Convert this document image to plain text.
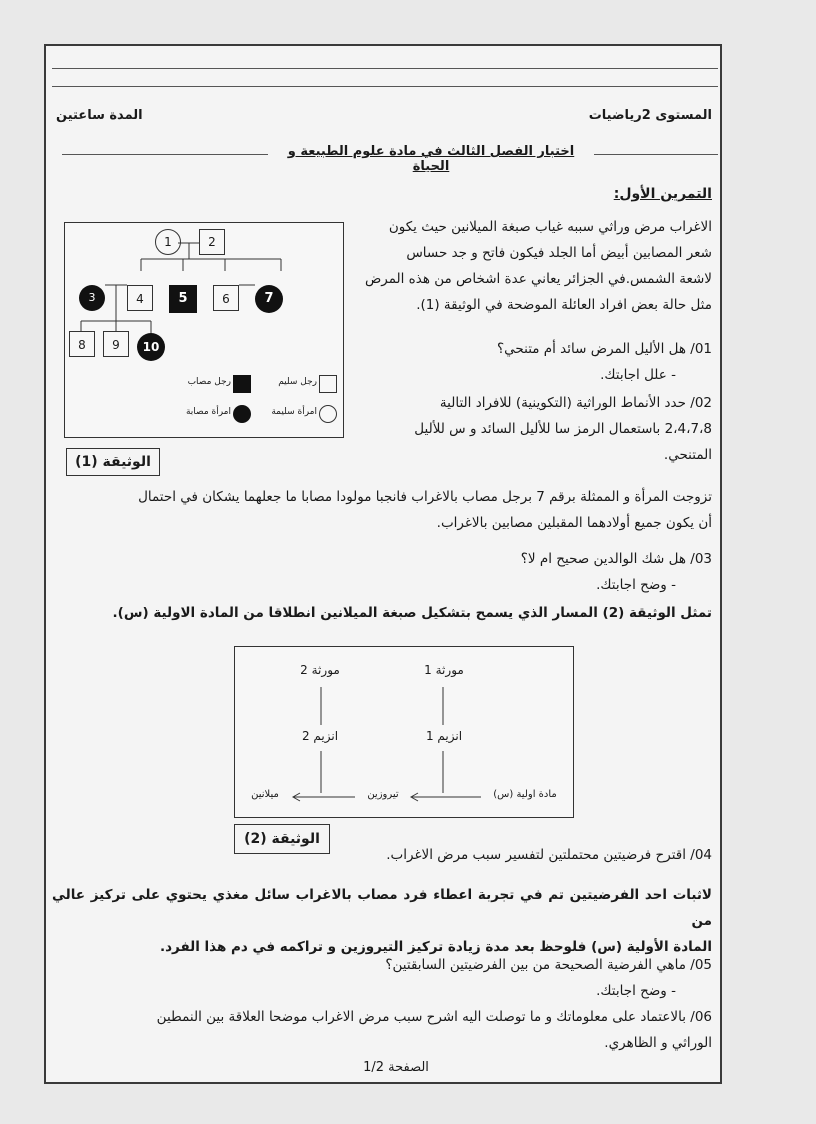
المستوى 2رياضيات
المدة ساعتين
اختبار الفصل الثالث في مادة علوم الطبيعة و الحياة
التمرين الأول:
الاغراب مرض وراثي سببه غياب صبغة الميلانين حيث يكون
شعر المصابين أبيض أما الجلد فيكون فاتح و جد حساس
لاشعة الشمس.في الجزائر يعاني عدة اشخاص من هذه المرض
مثل حالة بعض افراد العائلة الموضحة في الوثيقة (1).
01/ هل الأليل المرض سائد أم متنحي؟
- علل اجابتك.
02/ حدد الأنماط الوراثية (التكوينية) للافراد التالية
2،4،7،8 باستعمال الرمز سا للأليل السائد و س للأليل
المتنحي.
1	2
3	4	5	6	7
8	9	10
رجل مصاب	رجل سليم
امرأة مصابة	امرأة سليمة
الوثيقة (1)
تزوجت المرأة و الممثلة برقم 7 برجل مصاب بالاغراب فانجبا مولودا مصابا ما جعلهما يشكان في احتمال
أن يكون جميع أولادهما المقبلين مصابين بالاغراب.
03/ هل شك الوالدين صحيح ام لا؟
- وضح اجابتك.
تمثل الوثيقة (2) المسار الذي يسمح بتشكيل صبغة الميلانين انطلاقا من المادة الاولية (س).
مورثة 1
مورثة 2
انزيم 1
انزيم 2
مادة اولية (س)
تيروزين
ميلانين
الوثيقة (2)
04/ اقترح فرضيتين محتملتين لتفسير سبب مرض الاغراب.
لاثبات احد الفرضيتين تم في تجربة اعطاء فرد مصاب بالاغراب سائل مغذي يحتوي على تركيز عالي من
المادة الأولية (س) فلوحظ بعد مدة زيادة تركيز التيروزين و تراكمه في دم هذا الفرد.
05/ ماهي الفرضية الصحيحة من بين الفرضيتين السابقتين؟
- وضح اجابتك.
06/ بالاعتماد على معلوماتك و ما توصلت اليه اشرح سبب مرض الاغراب موضحا العلاقة بين النمطين
الوراثي و الظاهري.
الصفحة 1/2
